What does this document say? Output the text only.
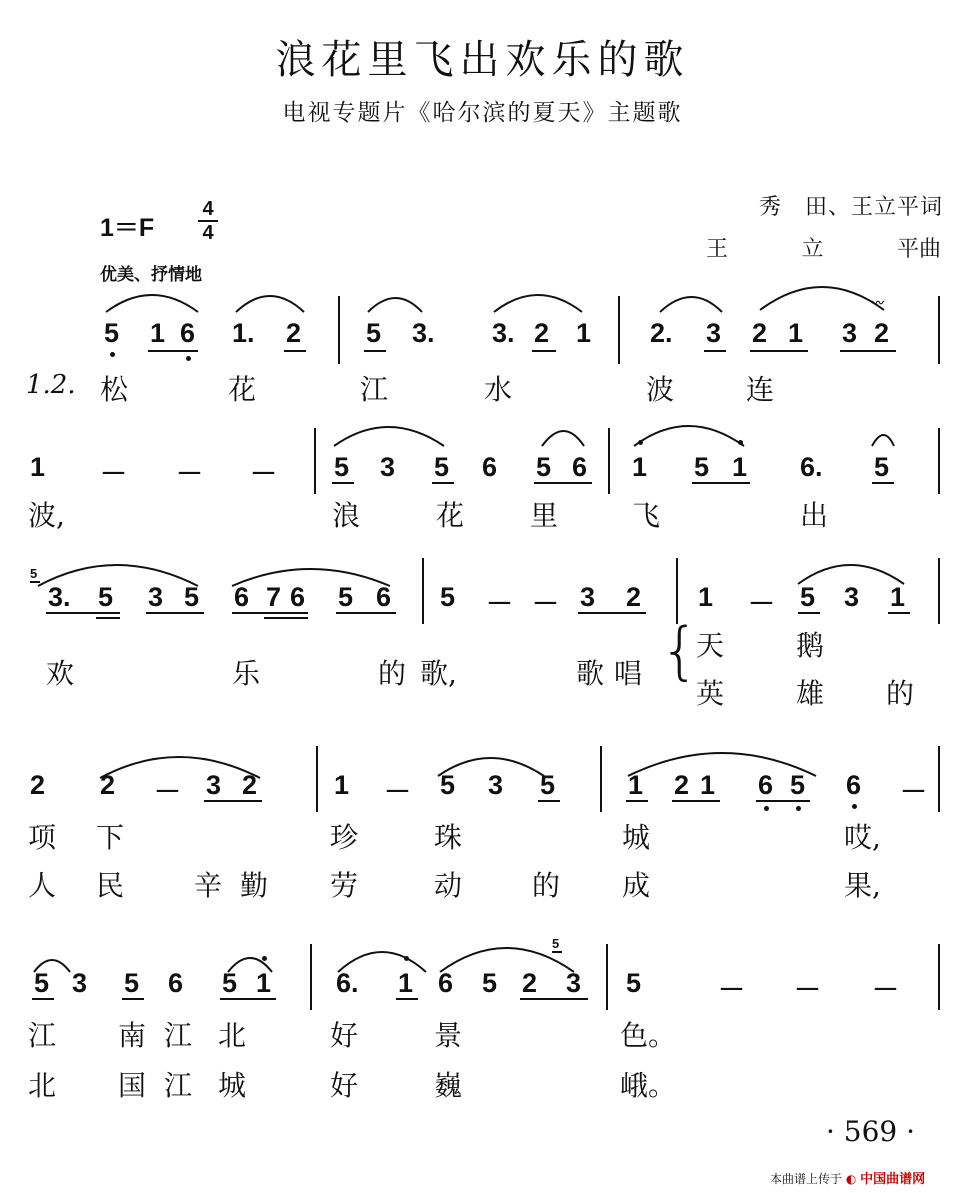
浪花里飞出欢乐的歌
电视专题片《哈尔滨的夏天》主题歌
1＝F
4
4
优美、抒情地
秀　田、王立平词
王	立	平曲
〰
5 1 6 1. 2 5 3. 3. 2 1 2. 3 2 1 3 2
1.2. 松	花	江	水	波	连
1 － － － 5 3 5 6 5 6 1 5 1 6. 5
波,	浪	花 里	飞	出
5
3. 5 3 5 6 7 6 5 6 5 － － 3 2 1 － 5 3 1
欢	乐	的 歌,	歌 唱 {
天	鹅
英	雄 的
2 2 － 3 2	1 － 5 3 5	1 2 1 6 5 6 －
项 下	珍	珠	城	哎,
人 民 辛 勤 劳	动 的 成	果,
5
5 3 5 6 5 1 6. 1 6 5 2 3 5	－ － －
江 南 江 北	好	景	色。
北 国 江 城	好	巍	峨。
· 569 ·
本曲谱上传于 ◐ 中国曲谱网
